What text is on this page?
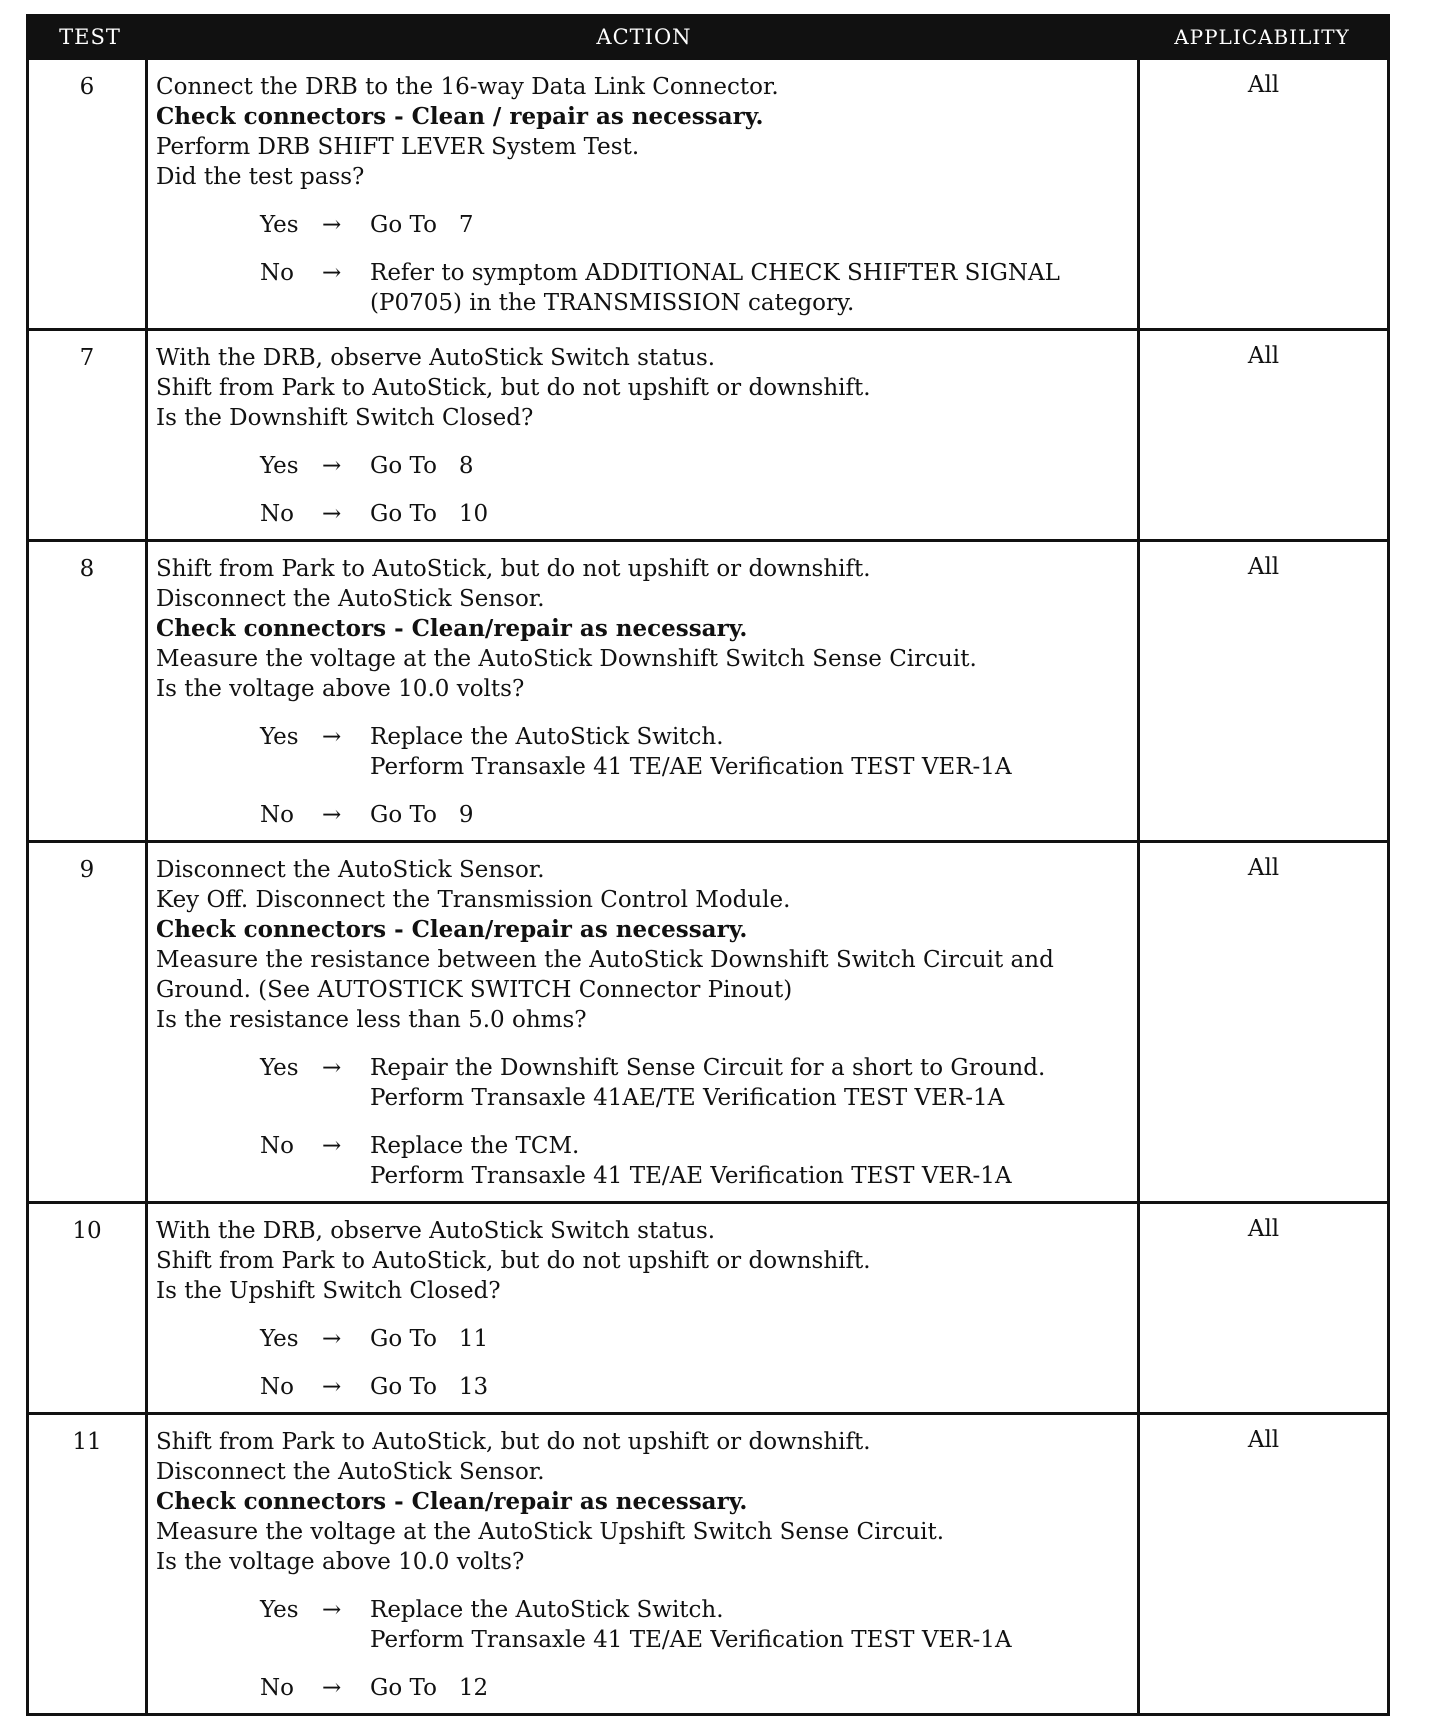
TEST	ACTION	APPLICABILITY
6	Connect the DRB to the 16-way Data Link Connector.
Check connectors - Clean / repair as necessary.
Perform DRB SHIFT LEVER System Test.
Did the test pass?
Yes	→	Go To   7
No	→	Refer to symptom ADDITIONAL CHECK SHIFTER SIGNAL
(P0705) in the TRANSMISSION category.
All
7	With the DRB, observe AutoStick Switch status.
Shift from Park to AutoStick, but do not upshift or downshift.
Is the Downshift Switch Closed?
Yes	→	Go To   8
No	→	Go To   10
All
8	Shift from Park to AutoStick, but do not upshift or downshift.
Disconnect the AutoStick Sensor.
Check connectors - Clean/repair as necessary.
Measure the voltage at the AutoStick Downshift Switch Sense Circuit.
Is the voltage above 10.0 volts?
Yes	→	Replace the AutoStick Switch.
Perform Transaxle 41 TE/AE Verification TEST VER-1A
No	→	Go To   9
All
9	Disconnect the AutoStick Sensor.
Key Off. Disconnect the Transmission Control Module.
Check connectors - Clean/repair as necessary.
Measure the resistance between the AutoStick Downshift Switch Circuit and
Ground. (See AUTOSTICK SWITCH Connector Pinout)
Is the resistance less than 5.0 ohms?
Yes	→	Repair the Downshift Sense Circuit for a short to Ground.
Perform Transaxle 41AE/TE Verification TEST VER-1A
No	→	Replace the TCM.
Perform Transaxle 41 TE/AE Verification TEST VER-1A
All
10	With the DRB, observe AutoStick Switch status.
Shift from Park to AutoStick, but do not upshift or downshift.
Is the Upshift Switch Closed?
Yes	→	Go To   11
No	→	Go To   13
All
11	Shift from Park to AutoStick, but do not upshift or downshift.
Disconnect the AutoStick Sensor.
Check connectors - Clean/repair as necessary.
Measure the voltage at the AutoStick Upshift Switch Sense Circuit.
Is the voltage above 10.0 volts?
Yes	→	Replace the AutoStick Switch.
Perform Transaxle 41 TE/AE Verification TEST VER-1A
No	→	Go To   12
All
